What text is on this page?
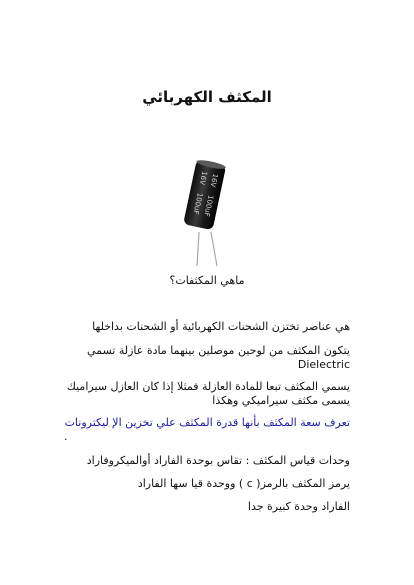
المكثف الكهربائي
16V 16V
100uF
100uF
ماهي المكثفات؟
هي عناصر تختزن الشحنات الكهربائية أو الشحنات بداخلها
يتكون المكثف من لوحين موصلين بينهما مادة عازلة تسمي
Dielectric
يسمي المكثف تبعا للمادة العازلة فمثلا إذا كان العازل سيراميك يسمى مكثف سيراميكي وهكذا
تعرف سعة المكثف بأنها قدرة المكثف علي تخزين الإ ليكترونات
.
وحدات قياس المكثف : تقاس بوحدة الفاراد أوالميكروفاراد
يرمز المكثف بالرمز( c ) ووحدة قيا سها الفاراد
الفاراد وحدة كبيرة جدا
